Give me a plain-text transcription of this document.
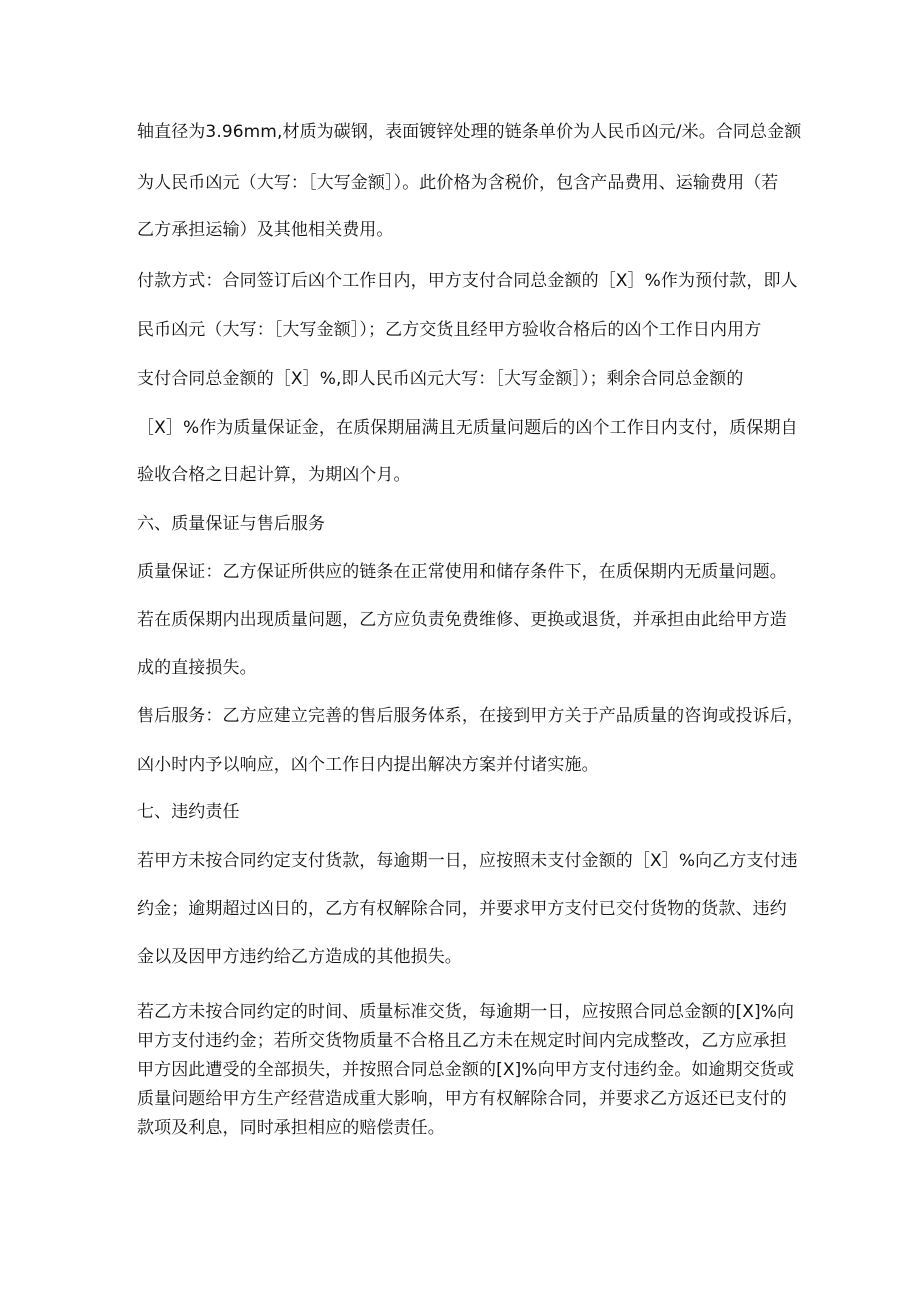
轴直径为3.96mm,材质为碳钢，表面镀锌处理的链条单价为人民币凶元/米。合同总金额
为人民币凶元（大写：［大写金额］）。此价格为含税价，包含产品费用、运输费用（若
乙方承担运输）及其他相关费用。
付款方式：合同签订后凶个工作日内，甲方支付合同总金额的［X］%作为预付款，即人
民币凶元（大写：［大写金额］）；乙方交货且经甲方验收合格后的凶个工作日内用方
支付合同总金额的［X］%,即人民币凶元大写：［大写金额］）；剩余合同总金额的
［X］%作为质量保证金，在质保期届满且无质量问题后的凶个工作日内支付，质保期自
验收合格之日起计算，为期凶个月。
六、质量保证与售后服务
质量保证：乙方保证所供应的链条在正常使用和储存条件下，在质保期内无质量问题。
若在质保期内出现质量问题，乙方应负责免费维修、更换或退货，并承担由此给甲方造
成的直接损失。
售后服务：乙方应建立完善的售后服务体系，在接到甲方关于产品质量的咨询或投诉后，
凶小时内予以响应，凶个工作日内提出解决方案并付诸实施。
七、违约责任
若甲方未按合同约定支付货款，每逾期一日，应按照未支付金额的［X］%向乙方支付违
约金；逾期超过凶日的，乙方有权解除合同，并要求甲方支付已交付货物的货款、违约
金以及因甲方违约给乙方造成的其他损失。
若乙方未按合同约定的时间、质量标准交货，每逾期一日，应按照合同总金额的[X]%向
甲方支付违约金；若所交货物质量不合格且乙方未在规定时间内完成整改，乙方应承担
甲方因此遭受的全部损失，并按照合同总金额的[X]%向甲方支付违约金。如逾期交货或
质量问题给甲方生产经营造成重大影响，甲方有权解除合同，并要求乙方返还已支付的
款项及利息，同时承担相应的赔偿责任。
